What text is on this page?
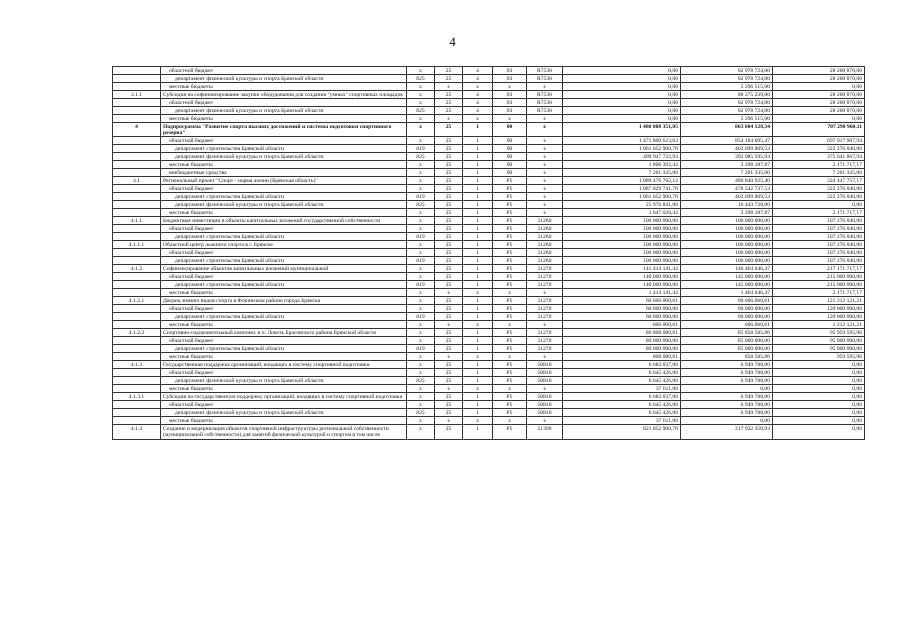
4
	областной бюджет	x	25	4	03	R7530	0,00	82 978 724,00	28 260 870,00
	департамент физической культуры и спорта Брянской области	825	25	4	03	R7530	0,00	82 978 724,00	28 260 870,00
	местные бюджеты	x	x	x	x	x	0,00	5 296 515,00	0,00
3.1.1	Субсидия на софинансирование закупки оборудования для создания "умных" спортивных площадок	x	25	4	03	R7530	0,00	88 275 239,00	28 260 870,00
	областной бюджет	x	25	4	03	R7530	0,00	82 978 724,00	28 260 870,00
	департамент физической культуры и спорта Брянской области	825	25	4	03	R7530	0,00	82 978 724,00	28 260 870,00
	местные бюджеты	x	x	x	x	x	0,00	5 296 515,00	0,00
4	Подпрограмма "Развитие спорта высших достижений и системы подготовки спортивного резерва"	x	25	1	00	x	1 480 808 351,05	863 684 128,34	707 290 960,11
	областной бюджет	x	25	1	00	x	1 471 800 623,63	854 184 605,47	697 917 907,94
	департамент строительства Брянской области	819	25	1	00	x	1 061 852 900,70	462 099 009,53	322 276 040,00
	департамент физической культуры и спорта Брянской области	825	25	1	00	x	409 947 722,93	392 085 595,94	375 641 867,94
	местные бюджеты	x	25	1	00	x	1 806 392,42	2 298 187,87	2 171 717,17
	внебюджетные средства	x	25	1	00	x	7 201 335,00	7 201 335,00	7 201 335,00
4.1	Региональный проект "Спорт - норма жизни (Брянская область)"	x	25	1	P5	x	1 089 476 762,12	480 840 925,40	324 447 757,17
	областной бюджет	x	25	1	P5	x	1 087 829 741,70	478 542 737,53	322 276 040,00
	департамент строительства Брянской области	819	25	1	P5	x	1 061 852 900,70	462 099 009,53	322 276 040,00
	департамент физической культуры и спорта Брянской области	825	25	1	P5	x	25 976 841,00	16 443 728,00	0,00
	местные бюджеты	x	25	1	P5	x	1 647 020,42	2 298 187,87	2 171 717,17
4.1.1	Бюджетные инвестиции в объекты капитальных вложений государственной собственности	x	25	1	P5	11260	100 000 000,00	100 000 000,00	107 276 040,00
	областной бюджет	x	25	1	P5	11260	100 000 000,00	100 000 000,00	107 276 040,00
	департамент строительства Брянской области	819	25	1	P5	11260	100 000 000,00	100 000 000,00	107 276 040,00
4.1.1.1	Областной центр лыжного спорта в г. Брянске	x	25	1	P5	11260	100 000 000,00	100 000 000,00	107 276 040,00
	областной бюджет	x	25	1	P5	11260	100 000 000,00	100 000 000,00	107 276 040,00
	департамент строительства Брянской области	819	25	1	P5	11260	100 000 000,00	100 000 000,00	107 276 040,00
4.1.2	Софинансирование объектов капитальных вложений муниципальной	x	25	1	P5	11270	141 414 141,42	146 464 646,47	217 171 717,17
	областной бюджет	x	25	1	P5	11270	140 000 000,00	145 000 000,00	215 000 000,00
	департамент строительства Брянской области	819	25	1	P5	11270	140 000 000,00	145 000 000,00	215 000 000,00
	местные бюджеты	x	x	x	x	x	1 414 141,42	1 464 646,47	2 171 717,17
4.1.2.1	Дворец зимних видов спорта в Фокинском районе города Брянска	x	25	1	P5	11270	60 606 060,61	60 606 060,61	121 212 121,21
	областной бюджет	x	25	1	P5	11270	60 000 000,00	60 000 000,00	120 000 000,00
	департамент строительства Брянской области	819	25	1	P5	11270	60 000 000,00	60 000 000,00	120 000 000,00
	местные бюджеты	x	x	x	x	x	606 060,61	606 060,61	1 212 121,21
4.1.2.2	Спортивно-оздоровительный комплекс в п. Локоть Брасовского района Брянской области	x	25	1	P5	11270	80 808 080,81	85 858 585,86	95 959 595,96
	областной бюджет	x	25	1	P5	11270	80 000 000,00	85 000 000,00	95 000 000,00
	департамент строительства Брянской области	819	25	1	P5	11270	80 000 000,00	85 000 000,00	95 000 000,00
	местные бюджеты	x	x	x	x	x	808 080,81	858 585,86	959 595,96
4.1.3	Государственная поддержка организаций, входящих в систему спортивной подготовки	x	25	1	P5	50810	6 683 037,00	6 949 788,00	0,00
	областной бюджет	x	25	1	P5	50810	6 645 426,00	6 949 788,00	0,00
	департамент физической культуры и спорта Брянской области	825	25	1	P5	50810	6 645 426,00	6 949 788,00	0,00
	местные бюджеты	x	x	x	x	x	37 611,00	0,00	0,00
4.1.3.1	Субсидия на государственную поддержку организаций, входящих в систему спортивной подготовки	x	25	1	P5	50810	6 683 037,00	6 949 788,00	0,00
	областной бюджет	x	25	1	P5	50810	6 645 426,00	6 949 788,00	0,00
	департамент физической культуры и спорта Брянской области	825	25	1	P5	50810	6 645 426,00	6 949 788,00	0,00
	местные бюджеты	x	x	x	x	x	37 611,00	0,00	0,00
4.1.4	Создание и модернизация объектов спортивной инфраструктуры региональной собственности (муниципальной собственности) для занятий физической культурой и спортом в том числе	x	25	1	P5	51390	821 852 900,70	217 932 350,93	0,00
